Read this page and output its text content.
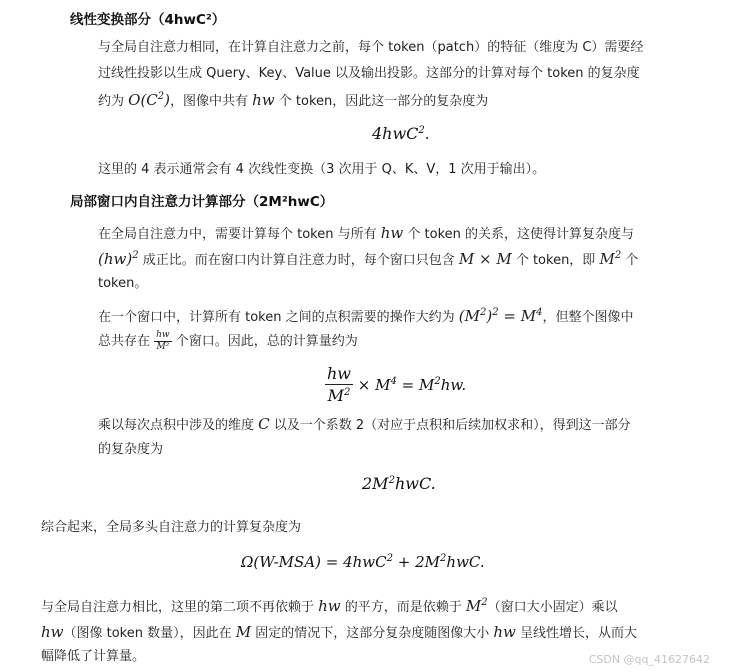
线性变换部分（4hwC²）
与全局自注意力相同，在计算自注意力之前，每个 token（patch）的特征（维度为 C）需要经
过线性投影以生成 Query、Key、Value 以及输出投影。这部分的计算对每个 token 的复杂度
约为 $O(C^2)$，图像中共有 hw 个 token，因此这一部分的复杂度为
4hwC$^2$.
这里的 4 表示通常会有 4 次线性变换（3 次用于 Q、K、V，1 次用于输出）。
局部窗口内自注意力计算部分（2M²hwC）
在全局自注意力中，需要计算每个 token 与所有 hw 个 token 的关系，这使得计算复杂度与
(hw)$^2$ 成正比。而在窗口内计算自注意力时，每个窗口只包含 M × M 个 token，即 $M^2$ 个
token。
在一个窗口中，计算所有 token 之间的点积需要的操作大约为 $(M^2)^2 = M^4$，但整个图像中
总共存在 $\frac{hw}{\text{M²}}$ 个窗口。因此，总的计算量约为
$\frac{hw}{M^2} \times M^4 = M^2hw$.
乘以每次点积中涉及的维度 C 以及一个系数 2（对应于点积和后续加权求和），得到这一部分
的复杂度为
$2M^2hwC$.
综合起来，全局多头自注意力的计算复杂度为
$\Omega(W-MSA) = 4hwC^2 + 2M^2hwC$.
与全局自注意力相比，这里的第二项不再依赖于 hw 的平方，而是依赖于 $M^2$（窗口大小固定）乘以
hw（图像 token 数量），因此在 M 固定的情况下，这部分复杂度随图像大小 hw 呈线性增长，从而大
幅降低了计算量。	CSDN @qq_41627642
